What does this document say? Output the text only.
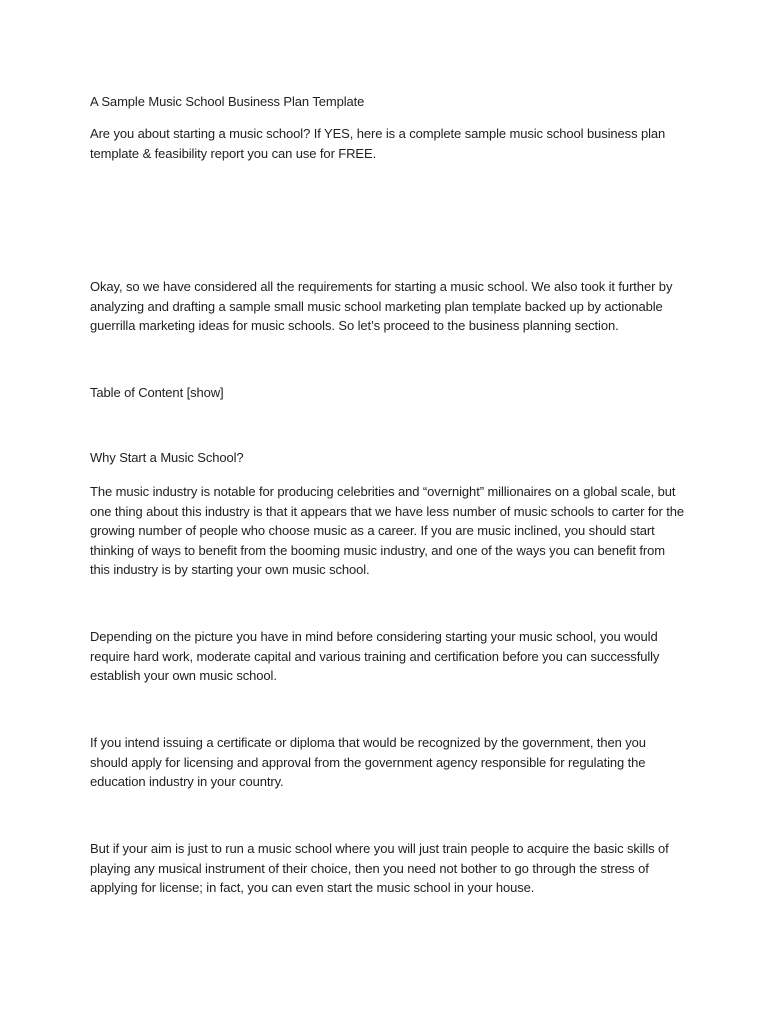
A Sample Music School Business Plan Template

Are you about starting a music school? If YES, here is a complete sample music school business plan template & feasibility report you can use for FREE.

Okay, so we have considered all the requirements for starting a music school. We also took it further by analyzing and drafting a sample small music school marketing plan template backed up by actionable guerrilla marketing ideas for music schools. So let’s proceed to the business planning section.

Table of Content [show]

Why Start a Music School?

The music industry is notable for producing celebrities and “overnight” millionaires on a global scale, but one thing about this industry is that it appears that we have less number of music schools to carter for the growing number of people who choose music as a career. If you are music inclined, you should start thinking of ways to benefit from the booming music industry, and one of the ways you can benefit from this industry is by starting your own music school.

Depending on the picture you have in mind before considering starting your music school, you would require hard work, moderate capital and various training and certification before you can successfully establish your own music school.

If you intend issuing a certificate or diploma that would be recognized by the government, then you should apply for licensing and approval from the government agency responsible for regulating the education industry in your country.

But if your aim is just to run a music school where you will just train people to acquire the basic skills of playing any musical instrument of their choice, then you need not bother to go through the stress of applying for license; in fact, you can even start the music school in your house.
